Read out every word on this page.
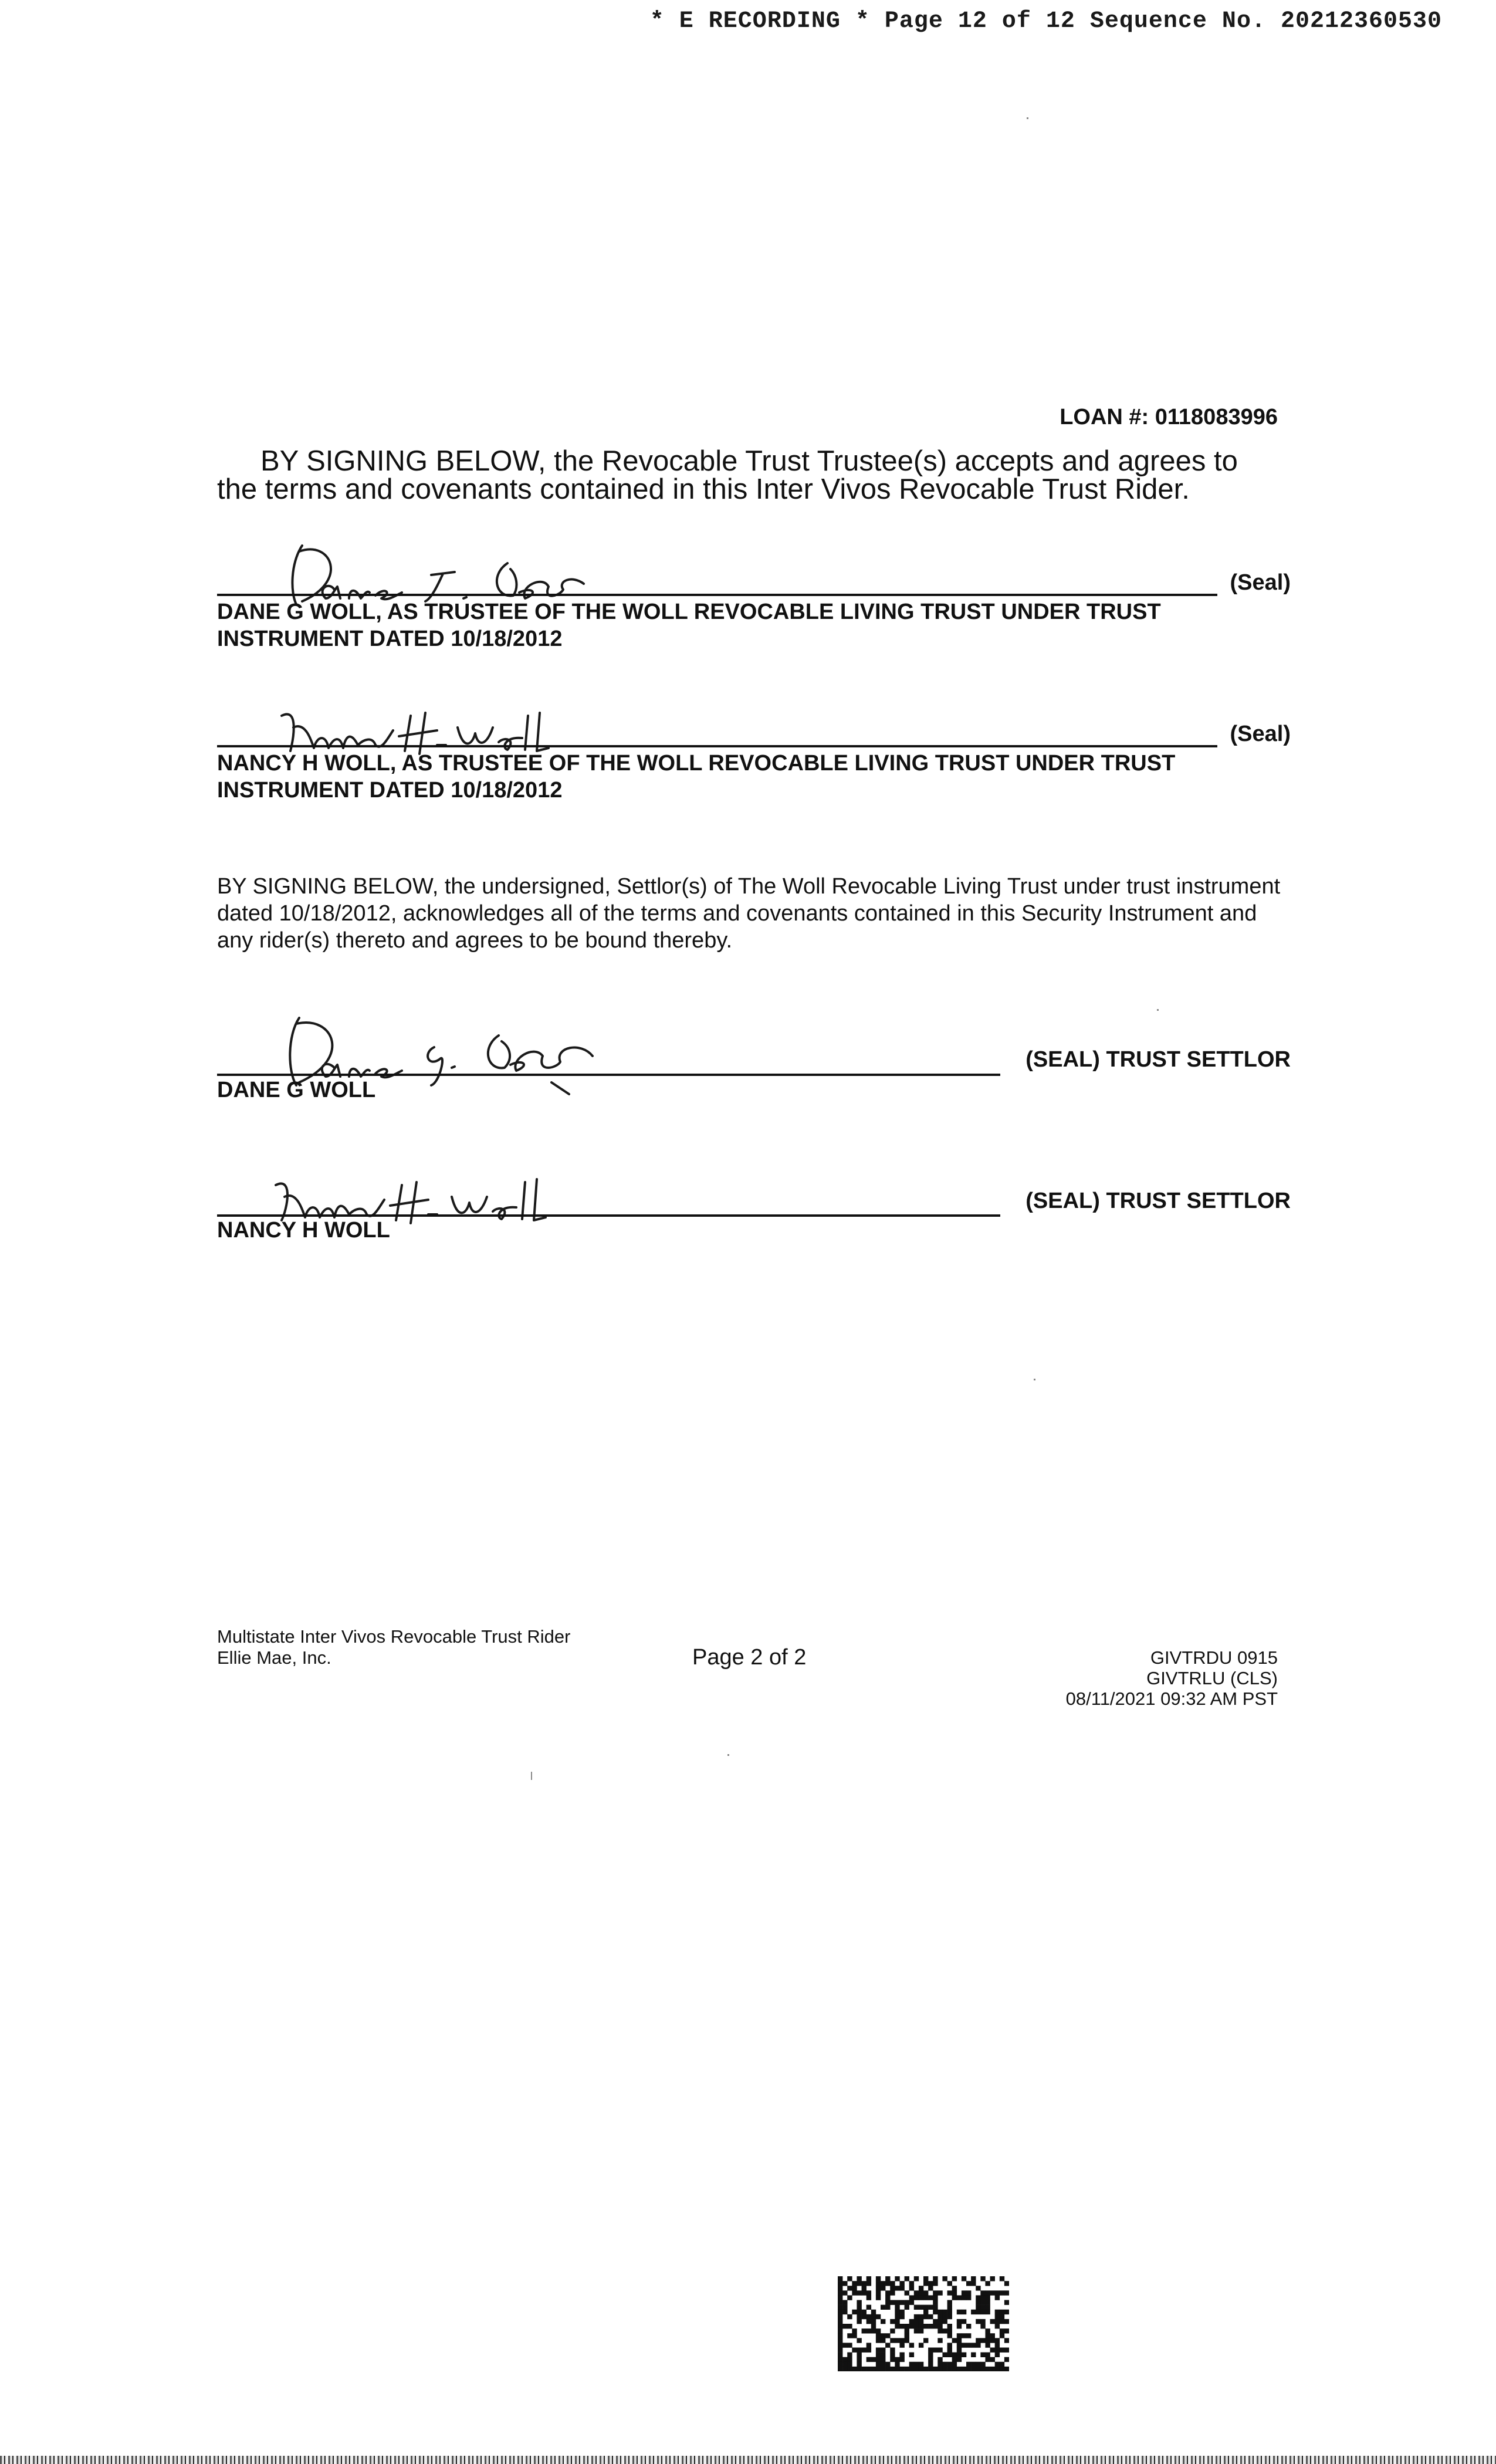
* E RECORDING * Page 12 of 12 Sequence No. 20212360530
LOAN #: 0118083996
BY SIGNING BELOW, the Revocable Trust Trustee(s) accepts and agrees to the terms and covenants contained in this Inter Vivos Revocable Trust Rider.
(Seal)
DANE G WOLL, AS TRUSTEE OF THE WOLL REVOCABLE LIVING TRUST UNDER TRUST
INSTRUMENT DATED 10/18/2012
(Seal)
NANCY H WOLL, AS TRUSTEE OF THE WOLL REVOCABLE LIVING TRUST UNDER TRUST
INSTRUMENT DATED 10/18/2012
BY SIGNING BELOW, the undersigned, Settlor(s) of The Woll Revocable Living Trust under trust instrument dated 10/18/2012, acknowledges all of the terms and covenants contained in this Security Instrument and any rider(s) thereto and agrees to be bound thereby.
(SEAL) TRUST SETTLOR
DANE G WOLL
(SEAL) TRUST SETTLOR
NANCY H WOLL
Multistate Inter Vivos Revocable Trust Rider
Ellie Mae, Inc.	Page 2 of 2	GIVTRDU 0915
GIVTRLU (CLS)
08/11/2021 09:32 AM PST
